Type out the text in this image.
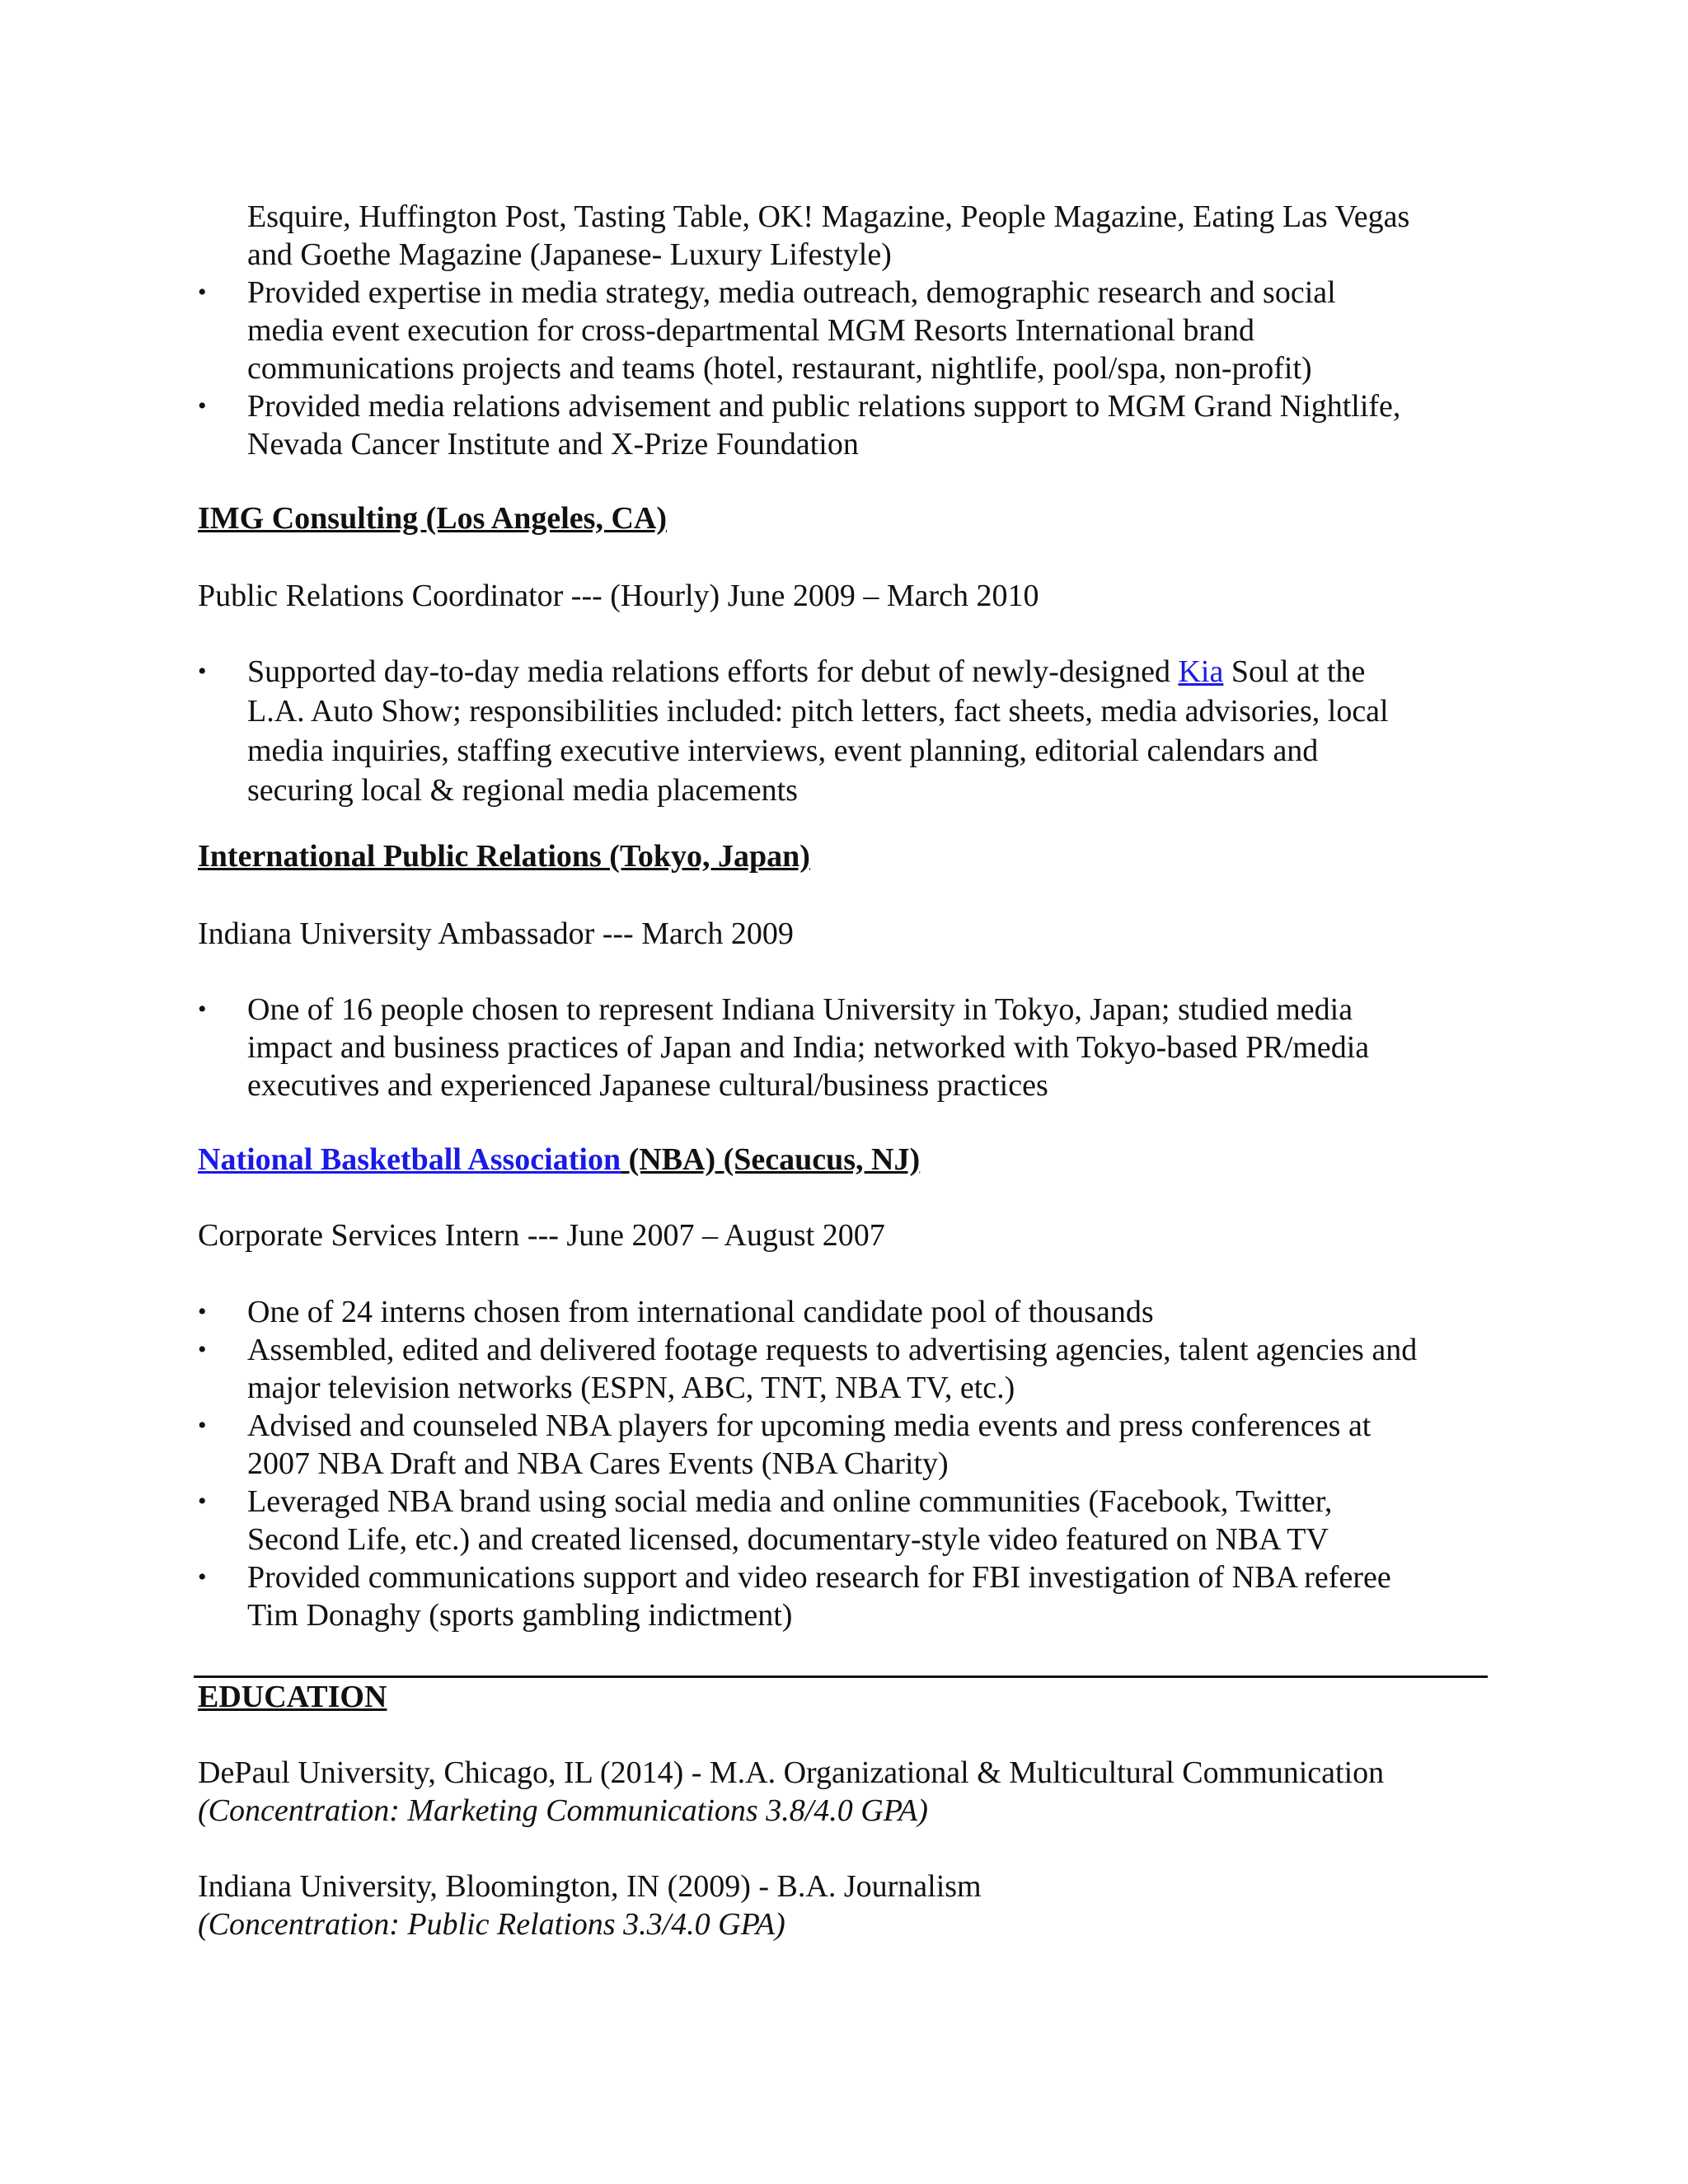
Esquire, Huffington Post, Tasting Table, OK! Magazine, People Magazine, Eating Las Vegas
and Goethe Magazine (Japanese- Luxury Lifestyle)
• Provided expertise in media strategy, media outreach, demographic research and social
media event execution for cross-departmental MGM Resorts International brand
communications projects and teams (hotel, restaurant, nightlife, pool/spa, non-profit)
• Provided media relations advisement and public relations support to MGM Grand Nightlife,
Nevada Cancer Institute and X-Prize Foundation
IMG Consulting (Los Angeles, CA)
Public Relations Coordinator --- (Hourly) June 2009 – March 2010
• Supported day-to-day media relations efforts for debut of newly-designed Kia Soul at the
L.A. Auto Show; responsibilities included: pitch letters, fact sheets, media advisories, local
media inquiries, staffing executive interviews, event planning, editorial calendars and
securing local & regional media placements
International Public Relations (Tokyo, Japan)
Indiana University Ambassador --- March 2009
• One of 16 people chosen to represent Indiana University in Tokyo, Japan; studied media
impact and business practices of Japan and India; networked with Tokyo-based PR/media
executives and experienced Japanese cultural/business practices
National Basketball Association (NBA) (Secaucus, NJ)
Corporate Services Intern --- June 2007 – August 2007
• One of 24 interns chosen from international candidate pool of thousands
• Assembled, edited and delivered footage requests to advertising agencies, talent agencies and
major television networks (ESPN, ABC, TNT, NBA TV, etc.)
• Advised and counseled NBA players for upcoming media events and press conferences at
2007 NBA Draft and NBA Cares Events (NBA Charity)
• Leveraged NBA brand using social media and online communities (Facebook, Twitter,
Second Life, etc.) and created licensed, documentary-style video featured on NBA TV
• Provided communications support and video research for FBI investigation of NBA referee
Tim Donaghy (sports gambling indictment)
EDUCATION
DePaul University, Chicago, IL (2014) - M.A. Organizational & Multicultural Communication
(Concentration: Marketing Communications 3.8/4.0 GPA)
Indiana University, Bloomington, IN (2009) - B.A. Journalism
(Concentration: Public Relations 3.3/4.0 GPA)
